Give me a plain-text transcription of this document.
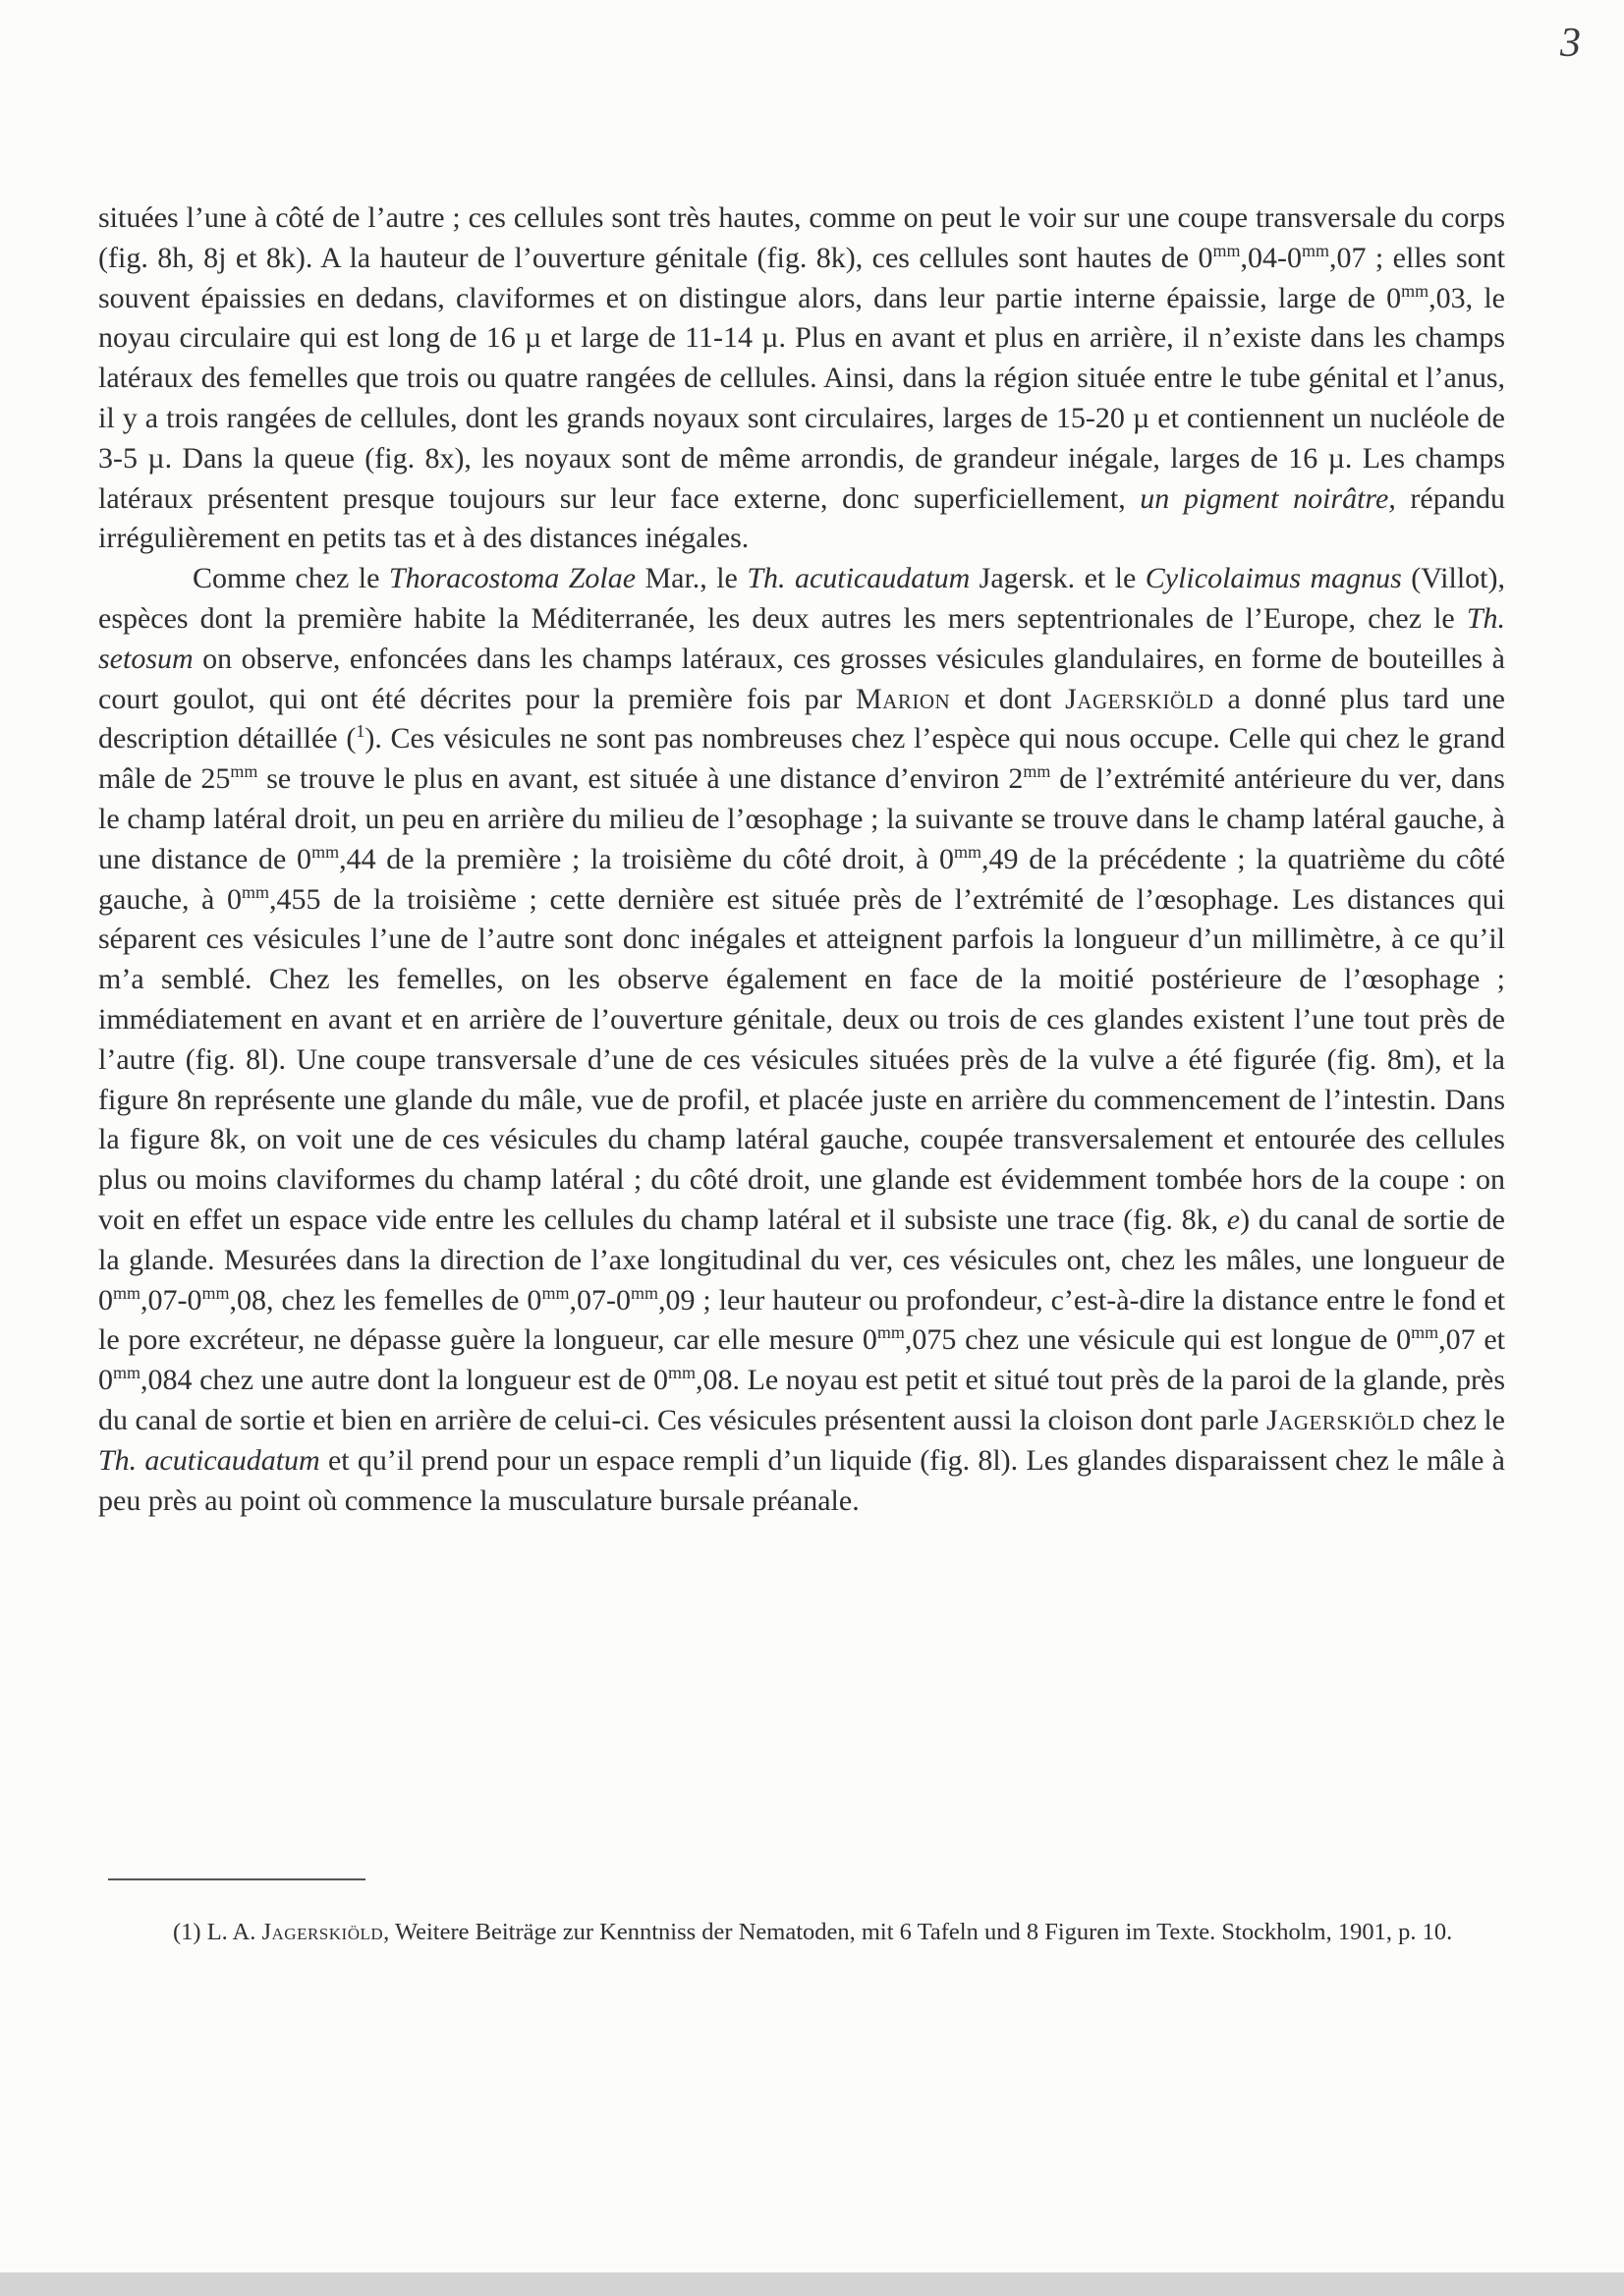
3

situées l’une à côté de l’autre ; ces cellules sont très hautes, comme on peut le voir sur une coupe transversale du corps (fig. 8h, 8j et 8k). A la hauteur de l’ouverture génitale (fig. 8k), ces cellules sont hautes de $0^{mm},04-0^{mm},07$ ; elles sont souvent épaissies en dedans, claviformes et on distingue alors, dans leur partie interne épaissie, large de $0^{mm},03$, le noyau circulaire qui est long de 16 µ et large de 11-14 µ. Plus en avant et plus en arrière, il n’existe dans les champs latéraux des femelles que trois ou quatre rangées de cellules. Ainsi, dans la région située entre le tube génital et l’anus, il y a trois rangées de cellules, dont les grands noyaux sont circulaires, larges de 15-20 µ et contiennent un nucléole de 3-5 µ. Dans la queue (fig. 8x), les noyaux sont de même arrondis, de grandeur inégale, larges de 16 µ. Les champs latéraux présentent presque toujours sur leur face externe, donc superficiellement, un pigment noirâtre, répandu irrégulièrement en petits tas et à des distances inégales.

Comme chez le Thoracostoma Zolae Mar., le Th. acuticaudatum Jagersk. et le Cylicolaimus magnus (Villot), espèces dont la première habite la Méditerranée, les deux autres les mers septentrionales de l’Europe, chez le Th. setosum on observe, enfoncées dans les champs latéraux, ces grosses vésicules glandulaires, en forme de bouteilles à court goulot, qui ont été décrites pour la première fois par Marion et dont Jagerskiöld a donné plus tard une description détaillée ($^1$). Ces vésicules ne sont pas nombreuses chez l’espèce qui nous occupe. Celle qui chez le grand mâle de $25^{mm}$ se trouve le plus en avant, est située à une distance d’environ $2^{mm}$ de l’extrémité antérieure du ver, dans le champ latéral droit, un peu en arrière du milieu de l’œsophage ; la suivante se trouve dans le champ latéral gauche, à une distance de $0^{mm},44$ de la première ; la troisième du côté droit, à $0^{mm},49$ de la précédente ; la quatrième du côté gauche, à $0^{mm},455$ de la troisième ; cette dernière est située près de l’extrémité de l’œsophage. Les distances qui séparent ces vésicules l’une de l’autre sont donc inégales et atteignent parfois la longueur d’un millimètre, à ce qu’il m’a semblé. Chez les femelles, on les observe également en face de la moitié postérieure de l’œsophage ; immédiatement en avant et en arrière de l’ouverture génitale, deux ou trois de ces glandes existent l’une tout près de l’autre (fig. 8l). Une coupe transversale d’une de ces vésicules situées près de la vulve a été figurée (fig. 8m), et la figure 8n représente une glande du mâle, vue de profil, et placée juste en arrière du commencement de l’intestin. Dans la figure 8k, on voit une de ces vésicules du champ latéral gauche, coupée transversalement et entourée des cellules plus ou moins claviformes du champ latéral ; du côté droit, une glande est évidemment tombée hors de la coupe : on voit en effet un espace vide entre les cellules du champ latéral et il subsiste une trace (fig. 8k, e) du canal de sortie de la glande. Mesurées dans la direction de l’axe longitudinal du ver, ces vésicules ont, chez les mâles, une longueur de $0^{mm},07-0^{mm},08$, chez les femelles de $0^{mm},07-0^{mm},09$ ; leur hauteur ou profondeur, c’est-à-dire la distance entre le fond et le pore excréteur, ne dépasse guère la longueur, car elle mesure $0^{mm},075$ chez une vésicule qui est longue de $0^{mm},07$ et $0^{mm},084$ chez une autre dont la longueur est de $0^{mm},08$. Le noyau est petit et situé tout près de la paroi de la glande, près du canal de sortie et bien en arrière de celui-ci. Ces vésicules présentent aussi la cloison dont parle Jagerskiöld chez le Th. acuticaudatum et qu’il prend pour un espace rempli d’un liquide (fig. 8l). Les glandes disparaissent chez le mâle à peu près au point où commence la musculature bursale préanale.

(1) L. A. Jagerskiöld, Weitere Beiträge zur Kenntniss der Nematoden, mit 6 Tafeln und 8 Figuren im Texte. Stockholm, 1901, p. 10.
